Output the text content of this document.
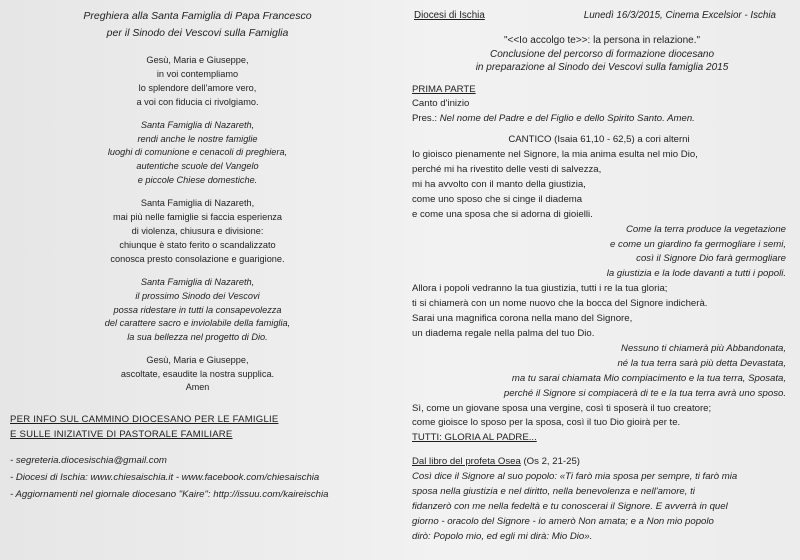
Preghiera alla Santa Famiglia di Papa Francesco
per il Sinodo dei Vescovi sulla Famiglia
Gesù, Maria e Giuseppe,
in voi contempliamo
lo splendore dell'amore vero,
a voi con fiducia ci rivolgiamo.
Santa Famiglia di Nazareth,
rendi anche le nostre famiglie
luoghi di comunione e cenacoli di preghiera,
autentiche scuole del Vangelo
e piccole Chiese domestiche.
Santa Famiglia di Nazareth,
mai più nelle famiglie si faccia esperienza
di violenza, chiusura e divisione:
chiunque è stato ferito o scandalizzato
conosca presto consolazione e guarigione.
Santa Famiglia di Nazareth,
il prossimo Sinodo dei Vescovi
possa ridestare in tutti la consapevolezza
del carattere sacro e inviolabile della famiglia,
la sua bellezza nel progetto di Dio.
Gesù, Maria e Giuseppe,
ascoltate, esaudite la nostra supplica.
Amen
PER INFO SUL CAMMINO DIOCESANO PER LE FAMIGLIE
E SULLE INIZIATIVE DI PASTORALE FAMILIARE
- segreteria.diocesischia@gmail.com
- Diocesi di Ischia: www.chiesaischia.it - www.facebook.com/chiesaischia
- Aggiornamenti nel giornale diocesano "Kaire": http://issuu.com/kaireischia
Diocesi di Ischia	Lunedì 16/3/2015, Cinema Excelsior - Ischia
"<<Io accolgo te>>: la persona in relazione."
Conclusione del percorso di formazione diocesano
in preparazione al Sinodo dei Vescovi sulla famiglia 2015
PRIMA PARTE
Canto d'inizio
Pres.: Nel nome del Padre e del Figlio e dello Spirito Santo. Amen.
CANTICO (Isaia 61,10 - 62,5) a cori alterni
Io gioisco pienamente nel Signore, la mia anima esulta nel mio Dio,
perché mi ha rivestito delle vesti di salvezza,
mi ha avvolto con il manto della giustizia,
come uno sposo che si cinge il diadema
e come una sposa che si adorna di gioielli.
Come la terra produce la vegetazione
e come un giardino fa germogliare i semi,
così il Signore Dio farà germogliare
la giustizia e la lode davanti a tutti i popoli.
Allora i popoli vedranno la tua giustizia, tutti i re la tua gloria;
ti si chiamerà con un nome nuovo che la bocca del Signore indicherà.
Sarai una magnifica corona nella mano del Signore,
un diadema regale nella palma del tuo Dio.
Nessuno ti chiamerà più Abbandonata,
né la tua terra sarà più detta Devastata,
ma tu sarai chiamata Mio compiacimento e la tua terra, Sposata,
perché il Signore si compiacerà di te e la tua terra avrà uno sposo.
Sì, come un giovane sposa una vergine, così ti sposerà il tuo creatore;
come gioisce lo sposo per la sposa, così il tuo Dio gioirà per te.
TUTTI: GLORIA AL PADRE...
Dal libro del profeta Osea (Os 2, 21-25)
Così dice il Signore al suo popolo: «Ti farò mia sposa per sempre, ti farò mia
sposa nella giustizia e nel diritto, nella benevolenza e nell'amore, ti
fidanzerò con me nella fedeltà e tu conoscerai il Signore. E avverrà in quel
giorno - oracolo del Signore - io amerò Non amata; e a Non mio popolo
dirò: Popolo mio, ed egli mi dirà: Mio Dio».
